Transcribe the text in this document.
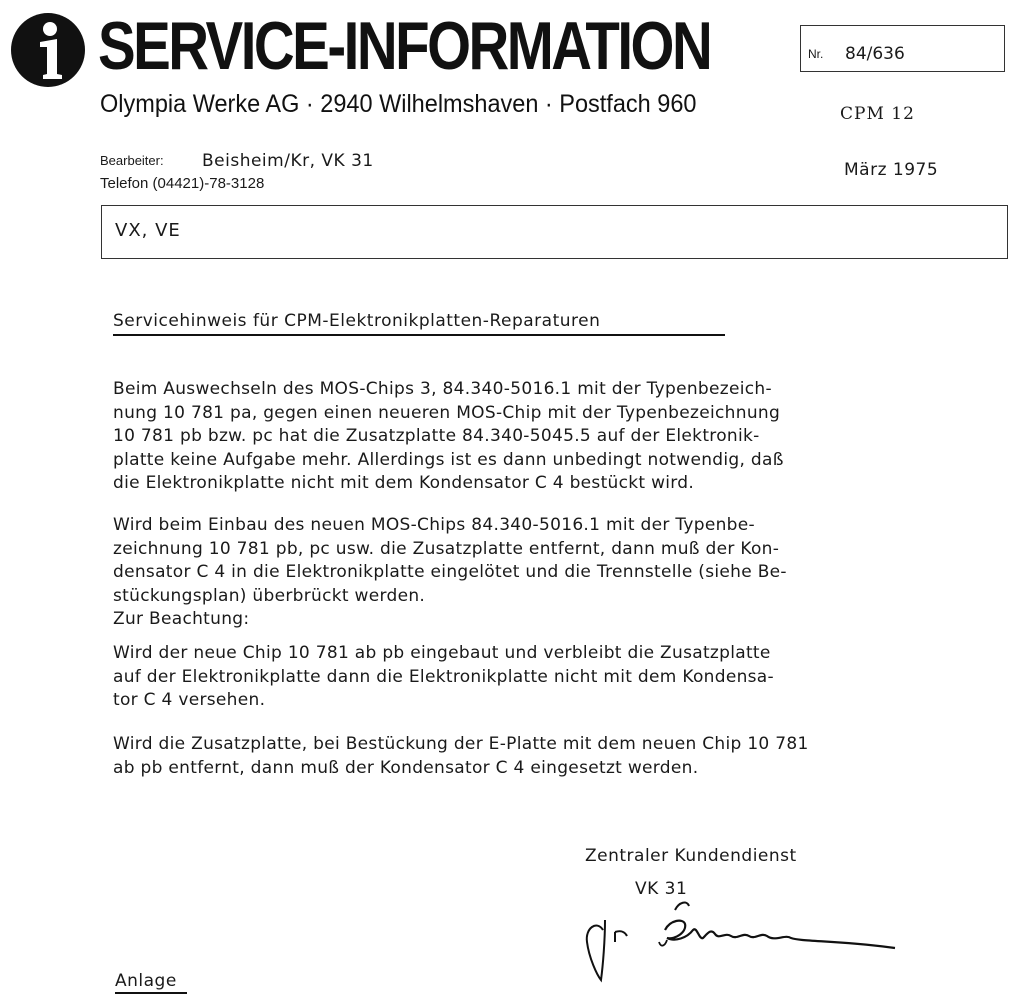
SERVICE-INFORMATION
Olympia Werke AG · 2940 Wilhelmshaven · Postfach 960
Nr. 84/636
CPM 12
Bearbeiter: Beisheim/Kr, VK 31
Telefon (04421)-78-3128
März 1975
VX, VE
Servicehinweis für CPM-Elektronikplatten-Reparaturen
Beim Auswechseln des MOS-Chips 3, 84.340-5016.1 mit der Typenbezeich-
nung 10 781 pa, gegen einen neueren MOS-Chip mit der Typenbezeichnung
10 781 pb bzw. pc hat die Zusatzplatte 84.340-5045.5 auf der Elektronik-
platte keine Aufgabe mehr. Allerdings ist es dann unbedingt notwendig, daß
die Elektronikplatte nicht mit dem Kondensator C 4 bestückt wird.
Wird beim Einbau des neuen MOS-Chips 84.340-5016.1 mit der Typenbe-
zeichnung 10 781 pb, pc usw. die Zusatzplatte entfernt, dann muß der Kon-
densator C 4 in die Elektronikplatte eingelötet und die Trennstelle (siehe Be-
stückungsplan) überbrückt werden.
Zur Beachtung:
Wird der neue Chip 10 781 ab pb eingebaut und verbleibt die Zusatzplatte
auf der Elektronikplatte dann die Elektronikplatte nicht mit dem Kondensa-
tor C 4 versehen.
Wird die Zusatzplatte, bei Bestückung der E-Platte mit dem neuen Chip 10 781
ab pb entfernt, dann muß der Kondensator C 4 eingesetzt werden.
Zentraler Kundendienst
VK 31
Anlage
